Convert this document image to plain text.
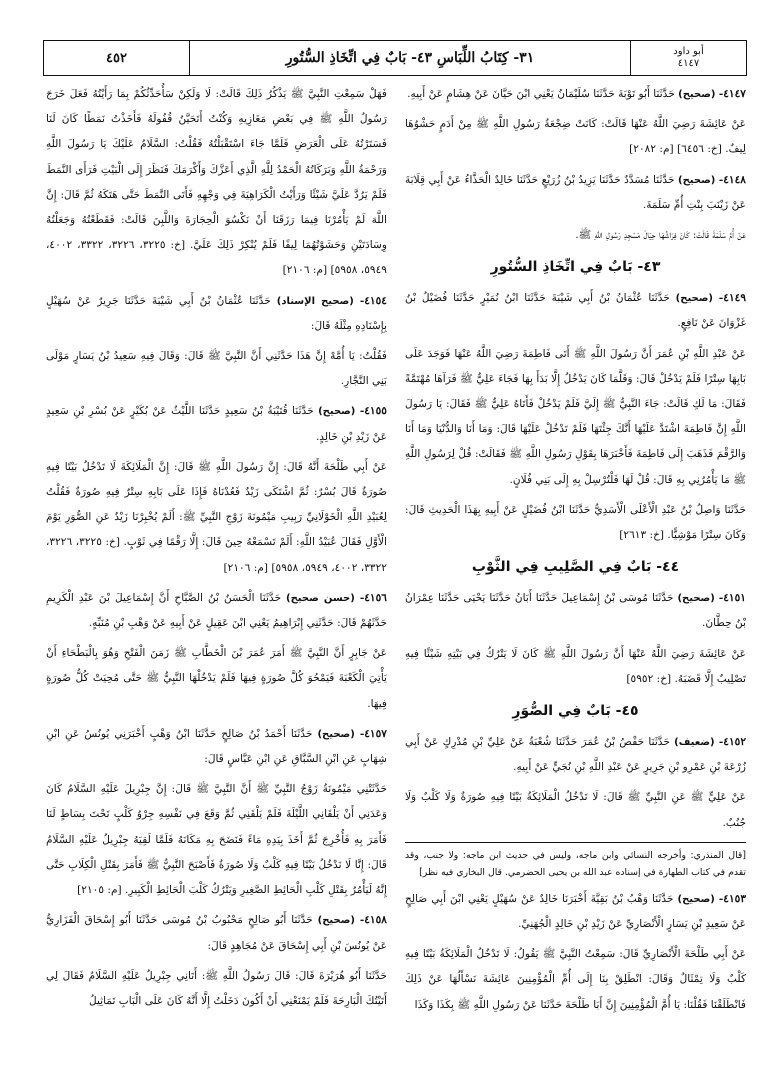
٤٥٢	٣١- كِتَابُ اللِّبَاسِ ٤٣- بَابٌ فِي اتِّخَاذِ السُّتُورِ	أبو داود
٤١٤٧

٤١٤٧- (صحيح) حَدَّثَنَا أَبُو تَوْبَةَ حَدَّثَنَا سُلَيْمَانُ يَعْنِي ابْنَ حَيَّانَ عَنْ هِشَامٍ عَنْ أَبِيهِ.

عَنْ عَائِشَةَ رَضِيَ اللَّهُ عَنْهَا قَالَتْ: كَانَتْ ضِجْعَةُ رَسُولِ اللَّهِ ﷺ مِنْ أَدَمٍ حَشْوُهَا لِيفٌ. [خ: ٦٤٥٦] [م: ٢٠٨٢]

٤١٤٨- (صحيح) حَدَّثَنَا مُسَدَّدٌ حَدَّثَنَا يَزِيدُ بْنُ زُرَيْعٍ حَدَّثَنَا خَالِدٌ الْحَذَّاءُ عَنْ أَبِي قِلَابَةَ عَنْ زَيْنَبَ بِنْتِ أُمِّ سَلَمَةَ.

عَنْ أُمِّ سَلَمَةَ قَالَتْ: كَانَ فِرَاشُهَا حِيَالَ مَسْجِدِ رَسُولِ اللَّهِ ﷺ.

٤٣- بَابٌ فِي اتِّخَاذِ السُّتُورِ

٤١٤٩- (صحيح) حَدَّثَنَا عُثْمَانُ بْنُ أَبِي شَيْبَةَ حَدَّثَنَا ابْنُ نُمَيْرٍ حَدَّثَنَا فُضَيْلُ بْنُ غَزْوَانَ عَنْ نَافِعٍ.

عَنْ عَبْدِ اللَّهِ بْنِ عُمَرَ أَنَّ رَسُولَ اللَّهِ ﷺ أَتَى فَاطِمَةَ رَضِيَ اللَّهُ عَنْهَا فَوَجَدَ عَلَى بَابِهَا سِتْرًا فَلَمْ يَدْخُلْ قَالَ: وَقَلَّمَا كَانَ يَدْخُلُ إِلَّا بَدَأَ بِهَا فَجَاءَ عَلِيٌّ ﷺ فَرَآهَا مُهْتَمَّةً فَقَالَ: مَا لَكِ قَالَتْ: جَاءَ النَّبِيُّ ﷺ إِلَيَّ فَلَمْ يَدْخُلْ فَأَتَاهُ عَلِيٌّ ﷺ فَقَالَ: يَا رَسُولَ اللَّهِ إِنَّ فَاطِمَةَ اشْتَدَّ عَلَيْهَا أَنَّكَ جِئْتَهَا فَلَمْ تَدْخُلْ عَلَيْهَا قَالَ: وَمَا أَنَا وَالدُّنْيَا وَمَا أَنَا وَالرَّقْمَ فَذَهَبَ إِلَى فَاطِمَةَ فَأَخْبَرَهَا بِقَوْلِ رَسُولِ اللَّهِ ﷺ فَقَالَتْ: قُلْ لِرَسُولِ اللَّهِ ﷺ مَا يَأْمُرُنِي بِهِ قَالَ: قُلْ لَهَا فَلْتُرْسِلْ بِهِ إِلَى بَنِي فُلَانٍ.

حَدَّثَنَا وَاصِلُ بْنُ عَبْدِ الْأَعْلَى الْأَسَدِيُّ حَدَّثَنَا ابْنُ فُضَيْلٍ عَنْ أَبِيهِ بِهَذَا الْحَدِيثِ قَالَ: وَكَانَ سِتْرًا مَوْشِيًّا. [خ: ٢٦١٣]

٤٤- بَابٌ فِي الصَّلِيبِ فِي الثَّوْبِ

٤١٥١- (صحيح) حَدَّثَنَا مُوسَى بْنُ إِسْمَاعِيلَ حَدَّثَنَا أَبَانُ حَدَّثَنَا يَحْيَى حَدَّثَنَا عِمْرَانُ بْنُ حِطَّانَ.

عَنْ عَائِشَةَ رَضِيَ اللَّهُ عَنْهَا أَنَّ رَسُولَ اللَّهِ ﷺ كَانَ لَا يَتْرُكُ فِي بَيْتِهِ شَيْئًا فِيهِ تَصْلِيبٌ إِلَّا قَضَبَهُ. [خ: ٥٩٥٢]

٤٥- بَابٌ فِي الصُّوَرِ

٤١٥٢- (ضعيف) حَدَّثَنَا حَفْصُ بْنُ عُمَرَ حَدَّثَنَا شُعْبَةُ عَنْ عَلِيِّ بْنِ مُدْرِكٍ عَنْ أَبِي زُرْعَةَ بْنِ عَمْرِو بْنِ جَرِيرٍ عَنْ عَبْدِ اللَّهِ بْنِ نُجَيٍّ عَنْ أَبِيهِ.

عَنْ عَلِيٍّ ﷺ عَنِ النَّبِيِّ ﷺ قَالَ: لَا تَدْخُلُ الْمَلَائِكَةُ بَيْتًا فِيهِ صُورَةٌ وَلَا كَلْبٌ وَلَا جُنُبٌ.

[قال المنذري: وأخرجه النسائي وابن ماجه، وليس في حديث ابن ماجه: ولا جنب، وقد تقدم في كتاب الطهارة في إسناده عبد الله بن يحيى الحضرمي. قال البخاري فيه نظر]

٤١٥٣- (صحيح) حَدَّثَنَا وَهْبُ بْنُ بَقِيَّةَ أَخْبَرَنَا خَالِدٌ عَنْ سُهَيْلٍ يَعْنِي ابْنَ أَبِي صَالِحٍ عَنْ سَعِيدِ بْنِ يَسَارٍ الْأَنْصَارِيِّ عَنْ زَيْدِ بْنِ خَالِدٍ الْجُهَنِيِّ.

عَنْ أَبِي طَلْحَةَ الْأَنْصَارِيِّ قَالَ: سَمِعْتُ النَّبِيَّ ﷺ يَقُولُ: لَا تَدْخُلُ الْمَلَائِكَةُ بَيْتًا فِيهِ كَلْبٌ وَلَا تِمْثَالٌ وَقَالَ: انْطَلِقْ بِنَا إِلَى أُمِّ الْمُؤْمِنِينَ عَائِشَةَ نَسْأَلُهَا عَنْ ذَلِكَ فَانْطَلَقْنَا فَقُلْنَا: يَا أُمَّ الْمُؤْمِنِينَ إِنَّ أَبَا طَلْحَةَ حَدَّثَنَا عَنْ رَسُولِ اللَّهِ ﷺ بِكَذَا وَكَذَا

فَهَلْ سَمِعْتِ النَّبِيَّ ﷺ يَذْكُرُ ذَلِكَ قَالَتْ: لَا وَلَكِنْ سَأُحَدِّثُكُمْ بِمَا رَأَيْتُهُ فَعَلَ خَرَجَ رَسُولُ اللَّهِ ﷺ فِي بَعْضِ مَغَازِيهِ وَكُنْتُ أَتَحَيَّنُ قُفُولَهُ فَأَخَذْتُ نَمَطًا كَانَ لَنَا فَسَتَرْتُهُ عَلَى الْعَرَضِ فَلَمَّا جَاءَ اسْتَقْبَلْتُهُ فَقُلْتُ: السَّلَامُ عَلَيْكَ يَا رَسُولَ اللَّهِ وَرَحْمَةُ اللَّهِ وَبَرَكَاتُهُ الْحَمْدُ لِلَّهِ الَّذِي أَعَزَّكَ وَأَكْرَمَكَ فَنَظَرَ إِلَى الْبَيْتِ فَرَأَى النَّمَطَ فَلَمْ يَرُدَّ عَلَيَّ شَيْئًا وَرَأَيْتُ الْكَرَاهِيَةَ فِي وَجْهِهِ فَأَتَى النَّمَطَ حَتَّى هَتَكَهُ ثُمَّ قَالَ: إِنَّ اللَّهَ لَمْ يَأْمُرْنَا فِيمَا رَزَقَنَا أَنْ نَكْسُوَ الْحِجَارَةَ وَاللَّبِنَ قَالَتْ: فَقَطَعْتُهُ وَجَعَلْتُهُ وِسَادَتَيْنِ وَحَشَوْتُهُمَا لِيفًا فَلَمْ يُنْكِرْ ذَلِكَ عَلَيَّ. [خ: ٣٢٢٥، ٣٢٢٦، ٣٣٢٢، ٤٠٠٢، ٥٩٤٩، ٥٩٥٨] [م: ٢١٠٦]

٤١٥٤- (صحيح الإسناد) حَدَّثَنَا عُثْمَانُ بْنُ أَبِي شَيْبَةَ حَدَّثَنَا جَرِيرٌ عَنْ سُهَيْلٍ بِإِسْنَادِهِ مِثْلَهُ قَالَ:

فَقُلْتُ: يَا أُمَّهْ إِنَّ هَذَا حَدَّثَنِي أَنَّ النَّبِيَّ ﷺ قَالَ: وَقَالَ فِيهِ سَعِيدُ بْنُ يَسَارٍ مَوْلَى بَنِي النَّجَّارِ.

٤١٥٥- (صحيح) حَدَّثَنَا قُتَيْبَةُ بْنُ سَعِيدٍ حَدَّثَنَا اللَّيْثُ عَنْ بُكَيْرٍ عَنْ بُسْرِ بْنِ سَعِيدٍ عَنْ زَيْدِ بْنِ خَالِدٍ.

عَنْ أَبِي طَلْحَةَ أَنَّهُ قَالَ: إِنَّ رَسُولَ اللَّهِ ﷺ قَالَ: إِنَّ الْمَلَائِكَةَ لَا تَدْخُلُ بَيْتًا فِيهِ صُورَةٌ قَالَ بُسْرٌ: ثُمَّ اشْتَكَى زَيْدٌ فَعُدْنَاهُ فَإِذَا عَلَى بَابِهِ سِتْرٌ فِيهِ صُورَةٌ فَقُلْتُ لِعُبَيْدِ اللَّهِ الْخَوْلَانِيِّ رَبِيبِ مَيْمُونَةَ زَوْجِ النَّبِيِّ ﷺ: أَلَمْ يُخْبِرْنَا زَيْدٌ عَنِ الصُّوَرِ يَوْمَ الْأَوَّلِ فَقَالَ عُبَيْدُ اللَّهِ: أَلَمْ تَسْمَعْهُ حِينَ قَالَ: إِلَّا رَقْمًا فِي ثَوْبٍ. [خ: ٣٢٢٥، ٣٢٢٦، ٣٣٢٢، ٤٠٠٢، ٥٩٤٩، ٥٩٥٨] [م: ٢١٠٦]

٤١٥٦- (حسن صحيح) حَدَّثَنَا الْحَسَنُ بْنُ الصَّبَّاحِ أَنَّ إِسْمَاعِيلَ بْنَ عَبْدِ الْكَرِيمِ حَدَّثَهُمْ قَالَ: حَدَّثَنِي إِبْرَاهِيمُ يَعْنِي ابْنَ عَقِيلٍ عَنْ أَبِيهِ عَنْ وَهْبِ بْنِ مُنَبِّهٍ.

عَنْ جَابِرٍ أَنَّ النَّبِيَّ ﷺ أَمَرَ عُمَرَ بْنَ الْخَطَّابِ ﷺ زَمَنَ الْفَتْحِ وَهُوَ بِالْبَطْحَاءِ أَنْ يَأْتِيَ الْكَعْبَةَ فَيَمْحُوَ كُلَّ صُورَةٍ فِيهَا فَلَمْ يَدْخُلْهَا النَّبِيُّ ﷺ حَتَّى مُحِيَتْ كُلُّ صُورَةٍ فِيهَا.

٤١٥٧- (صحيح) حَدَّثَنَا أَحْمَدُ بْنُ صَالِحٍ حَدَّثَنَا ابْنُ وَهْبٍ أَخْبَرَنِي يُونُسُ عَنِ ابْنِ شِهَابٍ عَنِ ابْنِ السَّبَّاقِ عَنِ ابْنِ عَبَّاسٍ قَالَ:

حَدَّثَتْنِي مَيْمُونَةُ زَوْجُ النَّبِيِّ ﷺ أَنَّ النَّبِيَّ ﷺ قَالَ: إِنَّ جِبْرِيلَ عَلَيْهِ السَّلَامُ كَانَ وَعَدَنِي أَنْ يَلْقَانِي اللَّيْلَةَ فَلَمْ يَلْقَنِي ثُمَّ وَقَعَ فِي نَفْسِهِ جِرْوُ كَلْبٍ تَحْتَ بِسَاطٍ لَنَا فَأَمَرَ بِهِ فَأُخْرِجَ ثُمَّ أَخَذَ بِيَدِهِ مَاءً فَنَضَحَ بِهِ مَكَانَهُ فَلَمَّا لَقِيَهُ جِبْرِيلُ عَلَيْهِ السَّلَامُ قَالَ: إِنَّا لَا نَدْخُلُ بَيْتًا فِيهِ كَلْبٌ وَلَا صُورَةٌ فَأَصْبَحَ النَّبِيُّ ﷺ فَأَمَرَ بِقَتْلِ الْكِلَابِ حَتَّى إِنَّهُ لَيَأْمُرُ بِقَتْلِ كَلْبِ الْحَائِطِ الصَّغِيرِ وَيَتْرُكُ كَلْبَ الْحَائِطِ الْكَبِيرِ. [م: ٢١٠٥]

٤١٥٨- (صحيح) حَدَّثَنَا أَبُو صَالِحٍ مَحْبُوبُ بْنُ مُوسَى حَدَّثَنَا أَبُو إِسْحَاقَ الْفَزَارِيُّ عَنْ يُونُسَ بْنِ أَبِي إِسْحَاقَ عَنْ مُجَاهِدٍ قَالَ:

حَدَّثَنَا أَبُو هُرَيْرَةَ قَالَ: قَالَ رَسُولُ اللَّهِ ﷺ: أَتَانِي جِبْرِيلُ عَلَيْهِ السَّلَامُ فَقَالَ لِي أَتَيْتُكَ الْبَارِحَةَ فَلَمْ يَمْنَعْنِي أَنْ أَكُونَ دَخَلْتُ إِلَّا أَنَّهُ كَانَ عَلَى الْبَابِ تَمَاثِيلُ
